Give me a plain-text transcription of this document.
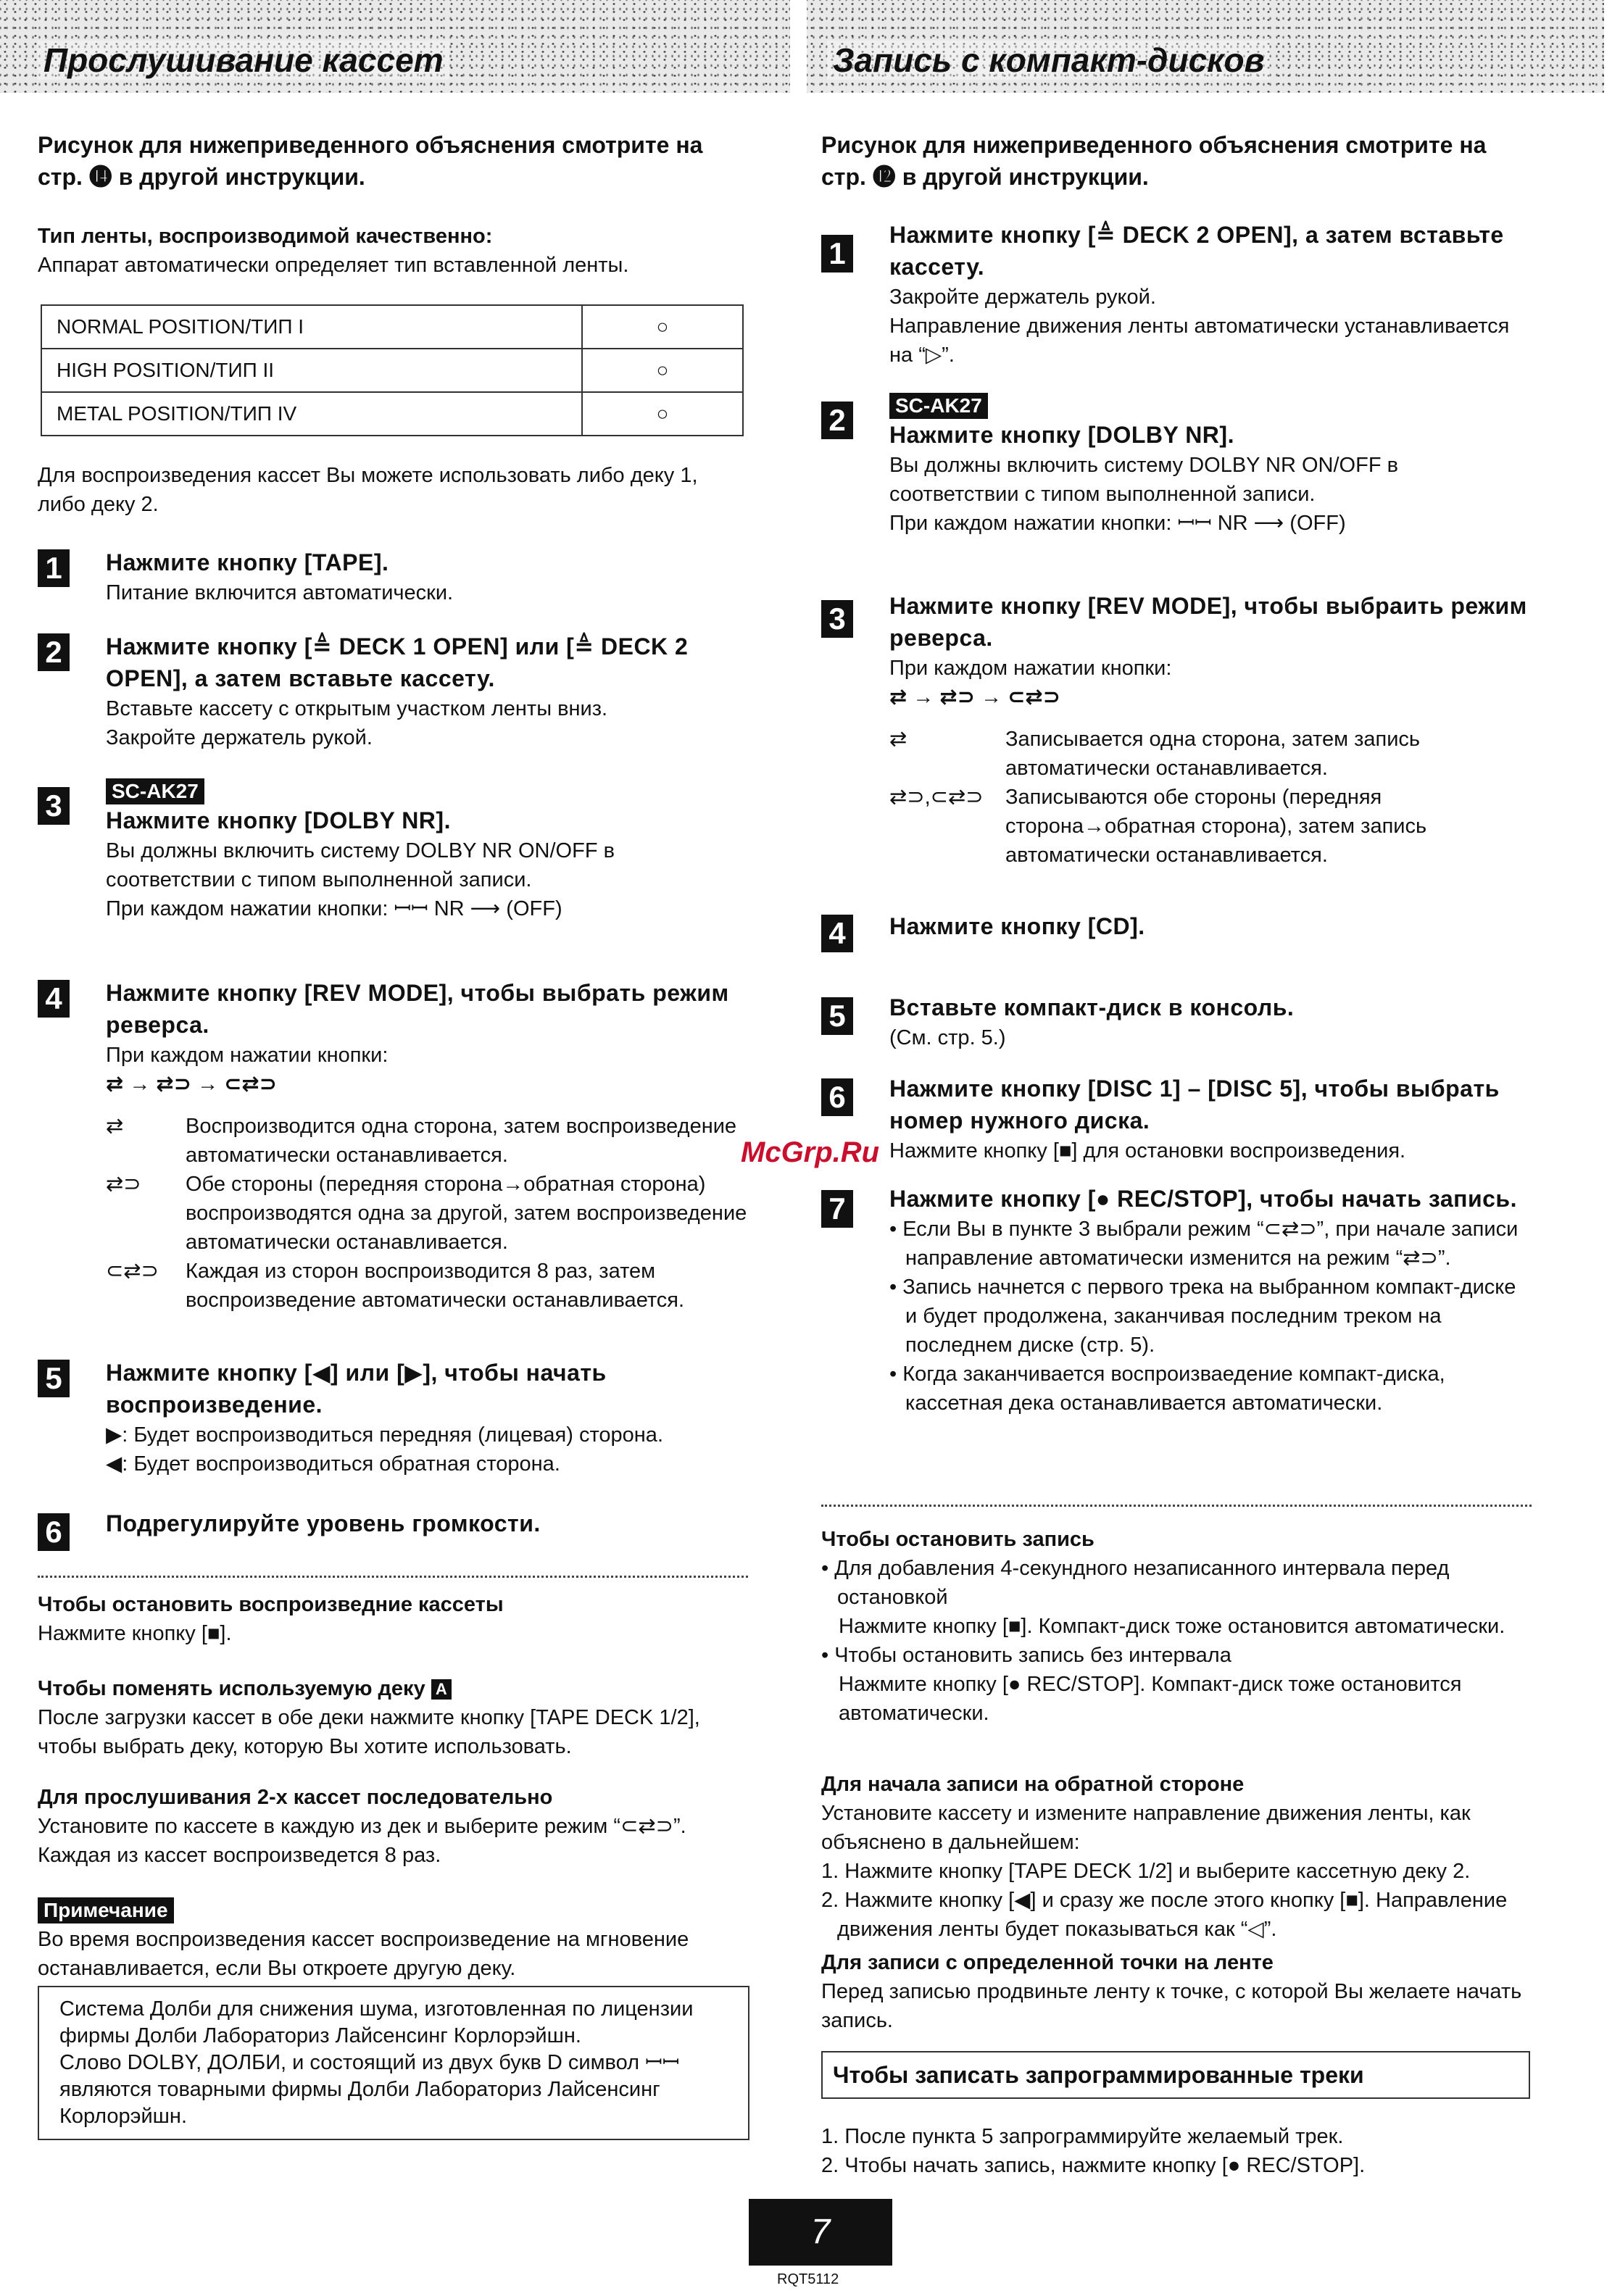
Прослушивание кассет
Рисунок для нижеприведенного объяснения смотрите на стр. ⓮ в другой инструкции.
Тип ленты, воспроизводимой качественно:
Аппарат автоматически определяет тип вставленной ленты.
NORMAL POSITION/ТИП I	○
HIGH POSITION/ТИП II	○
METAL POSITION/ТИП IV	○
Для воспроизведения кассет Вы можете использовать либо деку 1, либо деку 2.
1	Нажмите кнопку [TAPE].
Питание включится автоматически.
2	Нажмите кнопку [≜ DECK 1 OPEN] или [≜ DECK 2 OPEN], а затем вставьте кассету.
Вставьте кассету с открытым участком ленты вниз.
Закройте держатель рукой.
3	SC-AK27
Нажмите кнопку [DOLBY NR].
Вы должны включить систему DOLBY NR ON/OFF в соответствии с типом выполненной записи.
При каждом нажатии кнопки: ꟷꟷ NR ⟶ (OFF)
4	Нажмите кнопку [REV MODE], чтобы выбрать режим реверса.
При каждом нажатии кнопки:
⇄ → ⇄⊃ → ⊂⇄⊃
⇄	Воспроизводится одна сторона, затем воспроизведение автоматически останавливается.
⇄⊃	Обе стороны (передняя сторона→обратная сторона) воспроизводятся одна за другой, затем воспроизведение автоматически останавливается.
⊂⇄⊃	Каждая из сторон воспроизводится 8 раз, затем воспроизведение автоматически останавливается.
5	Нажмите кнопку [◀] или [▶], чтобы начать воспроизведение.
▶: Будет воспроизводиться передняя (лицевая) сторона.
◀: Будет воспроизводиться обратная сторона.
6	Подрегулируйте уровень громкости.
Чтобы остановить воспроизведние кассеты
Нажмите кнопку [■].
Чтобы поменять используемую деку A
После загрузки кассет в обе деки нажмите кнопку [TAPE DECK 1/2], чтобы выбрать деку, которую Вы хотите использовать.
Для прослушивания 2-х кассет последовательно
Установите по кассете в каждую из дек и выберите режим “⊂⇄⊃”. Каждая из кассет воспроизведется 8 раз.
Примечание
Во время воспроизведения кассет воспроизведение на мгновение останавливается, если Вы откроете другую деку.
Система Долби для снижения шума, изготовленная по лицензии фирмы Долби Лабораториз Лайсенсинг Корлорэйшн.
Слово DOLBY, ДОЛБИ, и состоящий из двух букв D символ ꟷꟷ являются товарными фирмы Долби Лабораториз Лайсенсинг Корлорэйшн.
Запись с компакт-дисков
Рисунок для нижеприведенного объяснения смотрите на стр. ⓬ в другой инструкции.
1
Нажмите кнопку [≜ DECK 2 OPEN], а затем вставьте кассету.
Закройте держатель рукой.
Направление движения ленты автоматически устанавливается на “▷”.
2	SC-AK27
Нажмите кнопку [DOLBY NR].
Вы должны включить систему DOLBY NR ON/OFF в соответствии с типом выполненной записи.
При каждом нажатии кнопки: ꟷꟷ NR ⟶ (OFF)
3	Нажмите кнопку [REV MODE], чтобы выбраить режим реверса.
При каждом нажатии кнопки:
⇄ → ⇄⊃ → ⊂⇄⊃
⇄	Записывается одна сторона, затем запись автоматически останавливается.
⇄⊃,⊂⇄⊃	Записываются обе стороны (передняя сторона→обратная сторона), затем запись автоматически останавливается.
4	Нажмите кнопку [CD].
5	Вставьте компакт-диск в консоль.
(См. стр. 5.)
6	Нажмите кнопку [DISC 1] – [DISC 5], чтобы выбрать номер нужного диска.
Нажмите кнопку [■] для остановки воспроизведения.
7	Нажмите кнопку [● REC/STOP], чтобы начать запись.
• Если Вы в пункте 3 выбрали режим “⊂⇄⊃”, при начале записи направление автоматически изменится на режим “⇄⊃”.
• Запись начнется с первого трека на выбранном компакт-диске и будет продолжена, заканчивая последним треком на последнем диске (стр. 5).
• Когда заканчивается воспроизваедение компакт-диска, кассетная дека останавливается автоматически.
Чтобы остановить запись
• Для добавления 4-секундного незаписанного интервала перед остановкой
Нажмите кнопку [■]. Компакт-диск тоже остановится автоматически.
• Чтобы остановить запись без интервала
Нажмите кнопку [● REC/STOP]. Компакт-диск тоже остановится автоматически.
Для начала записи на обратной стороне
Установите кассету и измените направление движения ленты, как объяснено в дальнейшем:
1. Нажмите кнопку [TAPE DECK 1/2] и выберите кассетную деку 2.
2. Нажмите кнопку [◀] и сразу же после этого кнопку [■]. Направление движения ленты будет показываться как “◁”.
Для записи с определенной точки на ленте
Перед записью продвиньте ленту к точке, с которой Вы желаете начать запись.
Чтобы записать запрограммированные треки
1. После пункта 5 запрограммируйте желаемый трек.
2. Чтобы начать запись, нажмите кнопку [● REC/STOP].
McGrp.Ru
7
RQT5112
